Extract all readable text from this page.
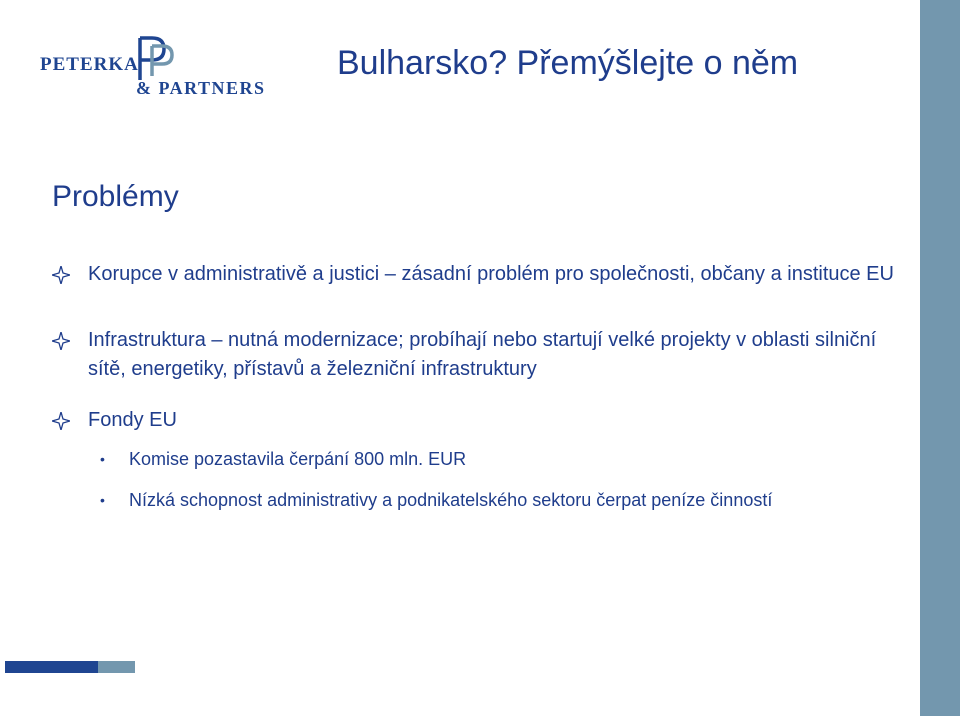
PETERKA
& PARTNERS
Bulharsko? Přemýšlejte o něm
Problémy
Korupce v administrativě a justici – zásadní problém pro společnosti, občany a instituce EU
Infrastruktura – nutná modernizace; probíhají nebo startují velké projekty v oblasti silniční sítě, energetiky, přístavů a železniční infrastruktury
Fondy EU
• Komise pozastavila čerpání 800 mln. EUR
• Nízká schopnost administrativy a podnikatelského sektoru čerpat peníze činností
